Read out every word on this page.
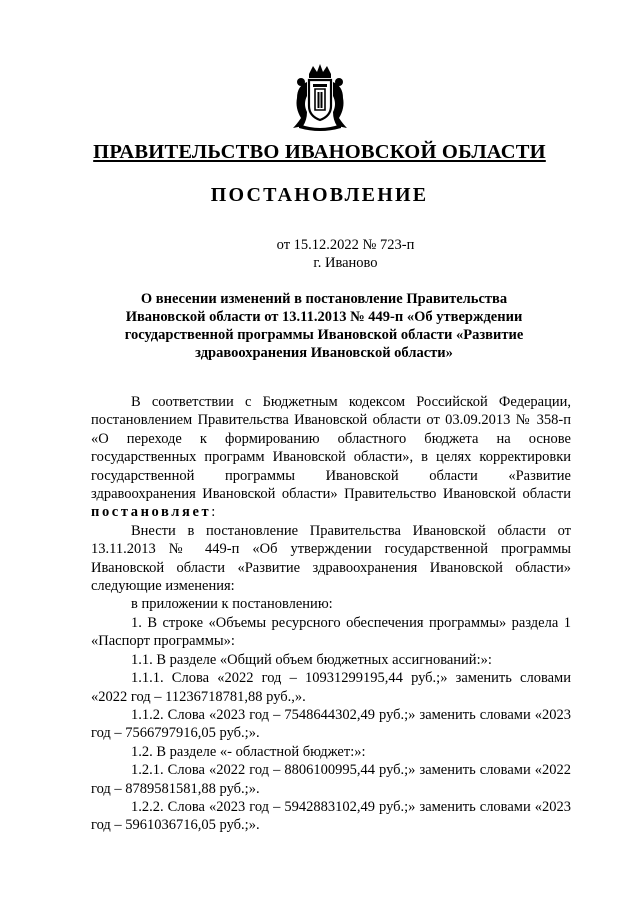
ПРАВИТЕЛЬСТВО ИВАНОВСКОЙ ОБЛАСТИ
ПОСТАНОВЛЕНИЕ
от 15.12.2022 № 723-п
г. Иваново
О внесении изменений в постановление Правительства Ивановской области от 13.11.2013 № 449-п «Об утверждении государственной программы Ивановской области «Развитие здравоохранения Ивановской области»

В соответствии с Бюджетным кодексом Российской Федерации, постановлением Правительства Ивановской области от 03.09.2013 № 358-п «О переходе к формированию областного бюджета на основе государственных программ Ивановской области», в целях корректировки государственной программы Ивановской области «Развитие здравоохранения Ивановской области» Правительство Ивановской области постановляет:

Внести в постановление Правительства Ивановской области от 13.11.2013 № 449-п «Об утверждении государственной программы Ивановской области «Развитие здравоохранения Ивановской области» следующие изменения:

в приложении к постановлению:

1. В строке «Объемы ресурсного обеспечения программы» раздела 1 «Паспорт программы»:

1.1. В разделе «Общий объем бюджетных ассигнований:»:

1.1.1. Слова «2022 год – 10931299195,44 руб.;» заменить словами «2022 год – 11236718781,88 руб.,».

1.1.2. Слова «2023 год – 7548644302,49 руб.;» заменить словами «2023 год – 7566797916,05 руб.;».

1.2. В разделе «- областной бюджет:»:

1.2.1. Слова «2022 год – 8806100995,44 руб.;» заменить словами «2022 год – 8789581581,88 руб.;».

1.2.2. Слова «2023 год – 5942883102,49 руб.;» заменить словами «2023 год – 5961036716,05 руб.;».
